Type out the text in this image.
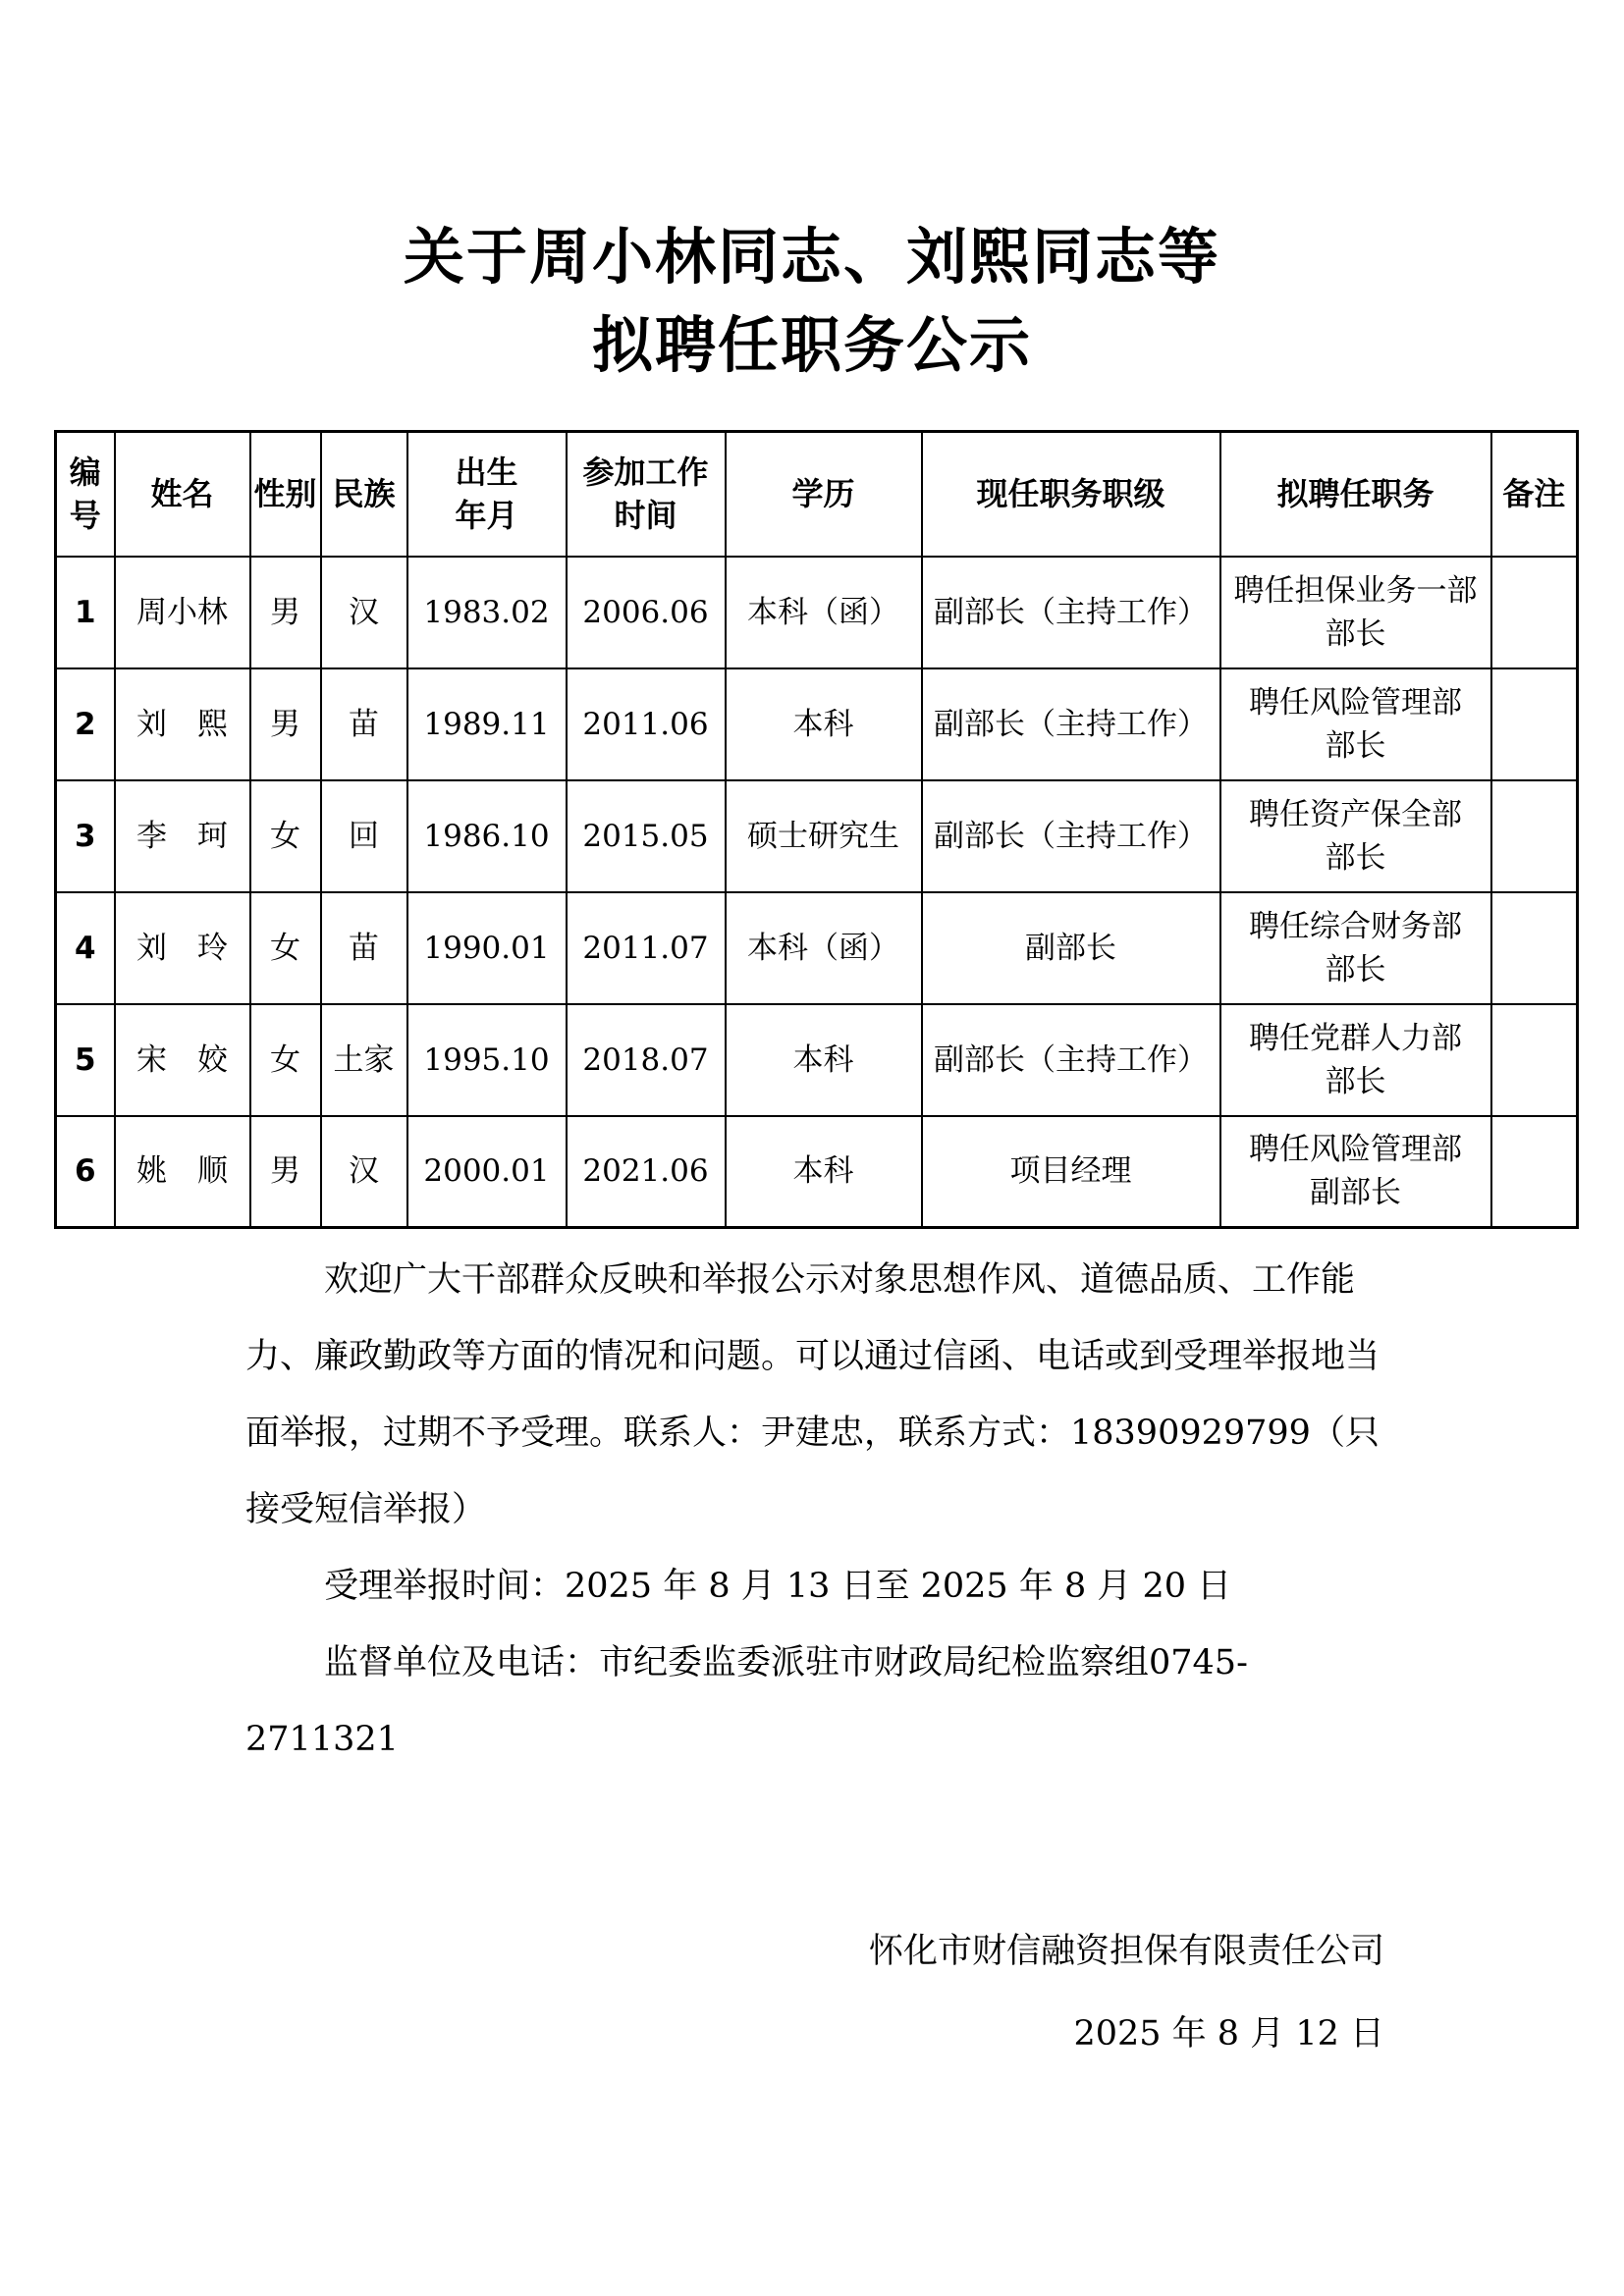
关于周小林同志、刘熙同志等
拟聘任职务公示
编号	姓名	性别	民族	出生年月	参加工作时间	学历	现任职务职级	拟聘任职务	备注
1	周小林	男	汉	1983.02	2006.06	本科（函）	副部长（主持工作）	聘任担保业务一部
部长	

2	刘　熙	男	苗	1989.11	2011.06	本科	副部长（主持工作）	聘任风险管理部
部长	

3	李　珂	女	回	1986.10	2015.05	硕士研究生	副部长（主持工作）	聘任资产保全部
部长	

4	刘　玲	女	苗	1990.01	2011.07	本科（函）	副部长	聘任综合财务部
部长	

5	宋　姣	女	土家	1995.10	2018.07	本科	副部长（主持工作）	聘任党群人力部
部长	

6	姚　顺	男	汉	2000.01	2021.06	本科	项目经理	聘任风险管理部
副部长	

欢迎广大干部群众反映和举报公示对象思想作风、道德品质、工作能力、廉政勤政等方面的情况和问题。可以通过信函、电话或到受理举报地当面举报，过期不予受理。联系人：尹建忠，联系方式：18390929799（只接受短信举报）
受理举报时间：2025 年 8 月 13 日至 2025 年 8 月 20 日
监督单位及电话：市纪委监委派驻市财政局纪检监察组0745-2711321
怀化市财信融资担保有限责任公司
2025 年 8 月 12 日
